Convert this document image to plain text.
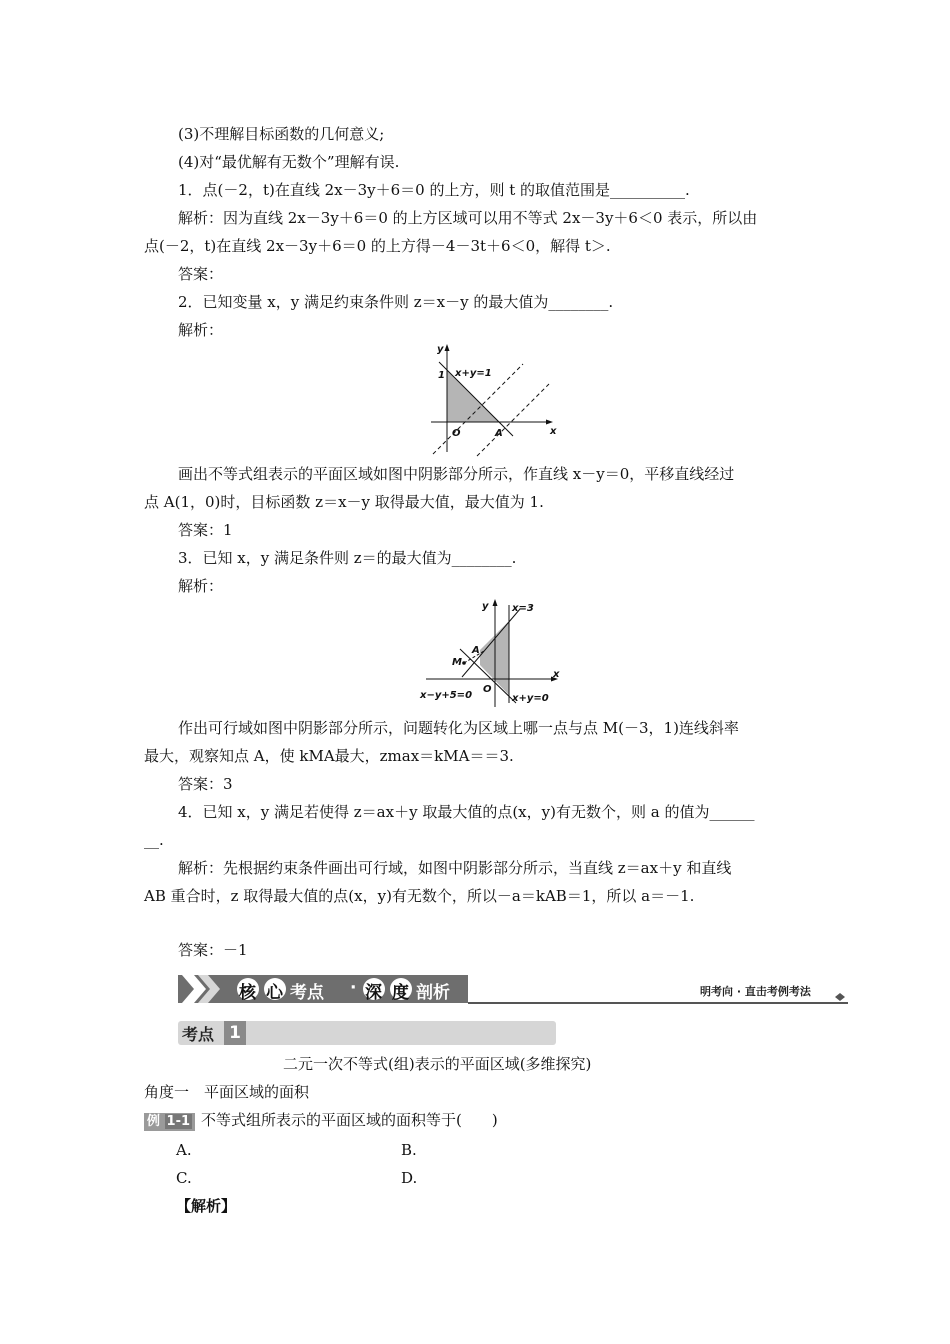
(3)不理解目标函数的几何意义;
(4)对“最优解有无数个”理解有误.
1．点(－2，t)在直线 2x－3y＋6＝0 的上方，则 t 的取值范围是__________.
解析：因为直线 2x－3y＋6＝0 的上方区域可以用不等式 2x－3y＋6＜0 表示，所以由
点(－2，t)在直线 2x－3y＋6＝0 的上方得－4－3t＋6＜0，解得 t＞.
答案：
2．已知变量 x，y 满足约束条件则 z＝x－y 的最大值为________.
解析：
y
x
1 x+y=1
O	A
画出不等式组表示的平面区域如图中阴影部分所示，作直线 x－y＝0，平移直线经过
点 A(1，0)时，目标函数 z＝x－y 取得最大值，最大值为 1.
答案：1
3．已知 x，y 满足条件则 z＝的最大值为________.
解析：
y x=3
A
M
O
x
x−y+5=0	x+y=0
作出可行域如图中阴影部分所示，问题转化为区域上哪一点与点 M(－3，1)连线斜率
最大，观察知点 A，使 kMA最大，zmax＝kMA＝＝3.
答案：3
4．已知 x，y 满足若使得 z＝ax＋y 取最大值的点(x，y)有无数个，则 a 的值为______
__.
解析：先根据约束条件画出可行域，如图中阴影部分所示，当直线 z＝ax＋y 和直线
AB 重合时，z 取得最大值的点(x，y)有无数个，所以－a＝kAB＝1，所以 a＝－1.
答案：－1
核 心 考点 · 深 度 剖析	明考向 · 直击考例考法
考点 1
二元一次不等式(组)表示的平面区域(多维探究)
角度一　平面区域的面积
例 1-1 不等式组所表示的平面区域的面积等于(　　)
A.	B.
C.	D.
【解析】
